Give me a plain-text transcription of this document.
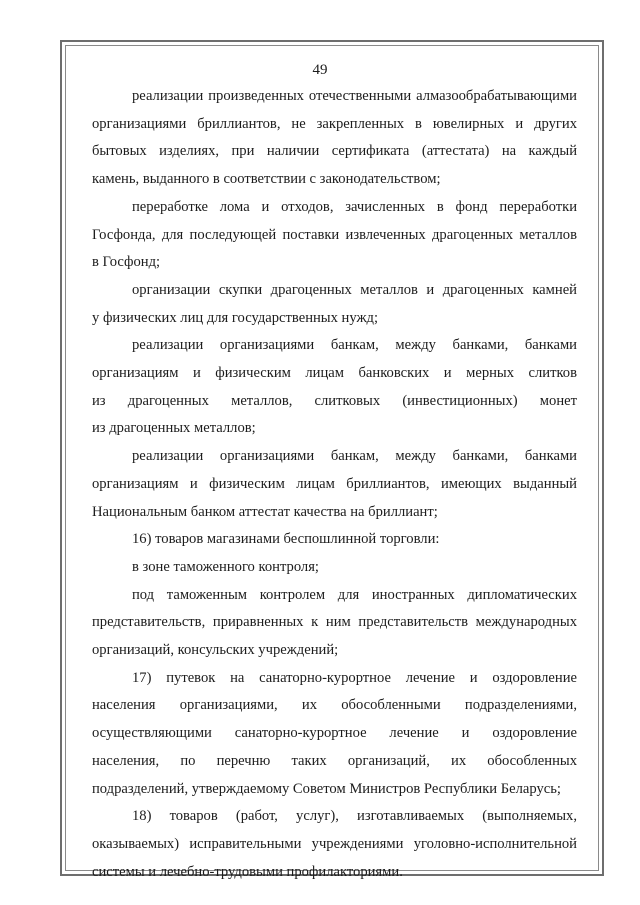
49

реализации произведенных отечественными алмазообрабатывающими
организациями бриллиантов, не закрепленных в ювелирных и других
бытовых изделиях, при наличии сертификата (аттестата) на каждый
камень, выданного в соответствии с законодательством;

переработке лома и отходов, зачисленных в фонд переработки
Госфонда, для последующей поставки извлеченных драгоценных металлов
в Госфонд;

организации скупки драгоценных металлов и драгоценных камней
у физических лиц для государственных нужд;

реализации организациями банкам, между банками, банками
организациям и физическим лицам банковских и мерных слитков
из драгоценных металлов, слитковых (инвестиционных) монет
из драгоценных металлов;

реализации организациями банкам, между банками, банками
организациям и физическим лицам бриллиантов, имеющих выданный
Национальным банком аттестат качества на бриллиант;

16) товаров магазинами беспошлинной торговли:

в зоне таможенного контроля;

под таможенным контролем для иностранных дипломатических
представительств, приравненных к ним представительств международных
организаций, консульских учреждений;

17) путевок на санаторно-курортное лечение и оздоровление
населения организациями, их обособленными подразделениями,
осуществляющими санаторно-курортное лечение и оздоровление
населения, по перечню таких организаций, их обособленных
подразделений, утверждаемому Советом Министров Республики Беларусь;

18) товаров (работ, услуг), изготавливаемых (выполняемых,
оказываемых) исправительными учреждениями уголовно-исполнительной
системы и лечебно-трудовыми профилакториями.
